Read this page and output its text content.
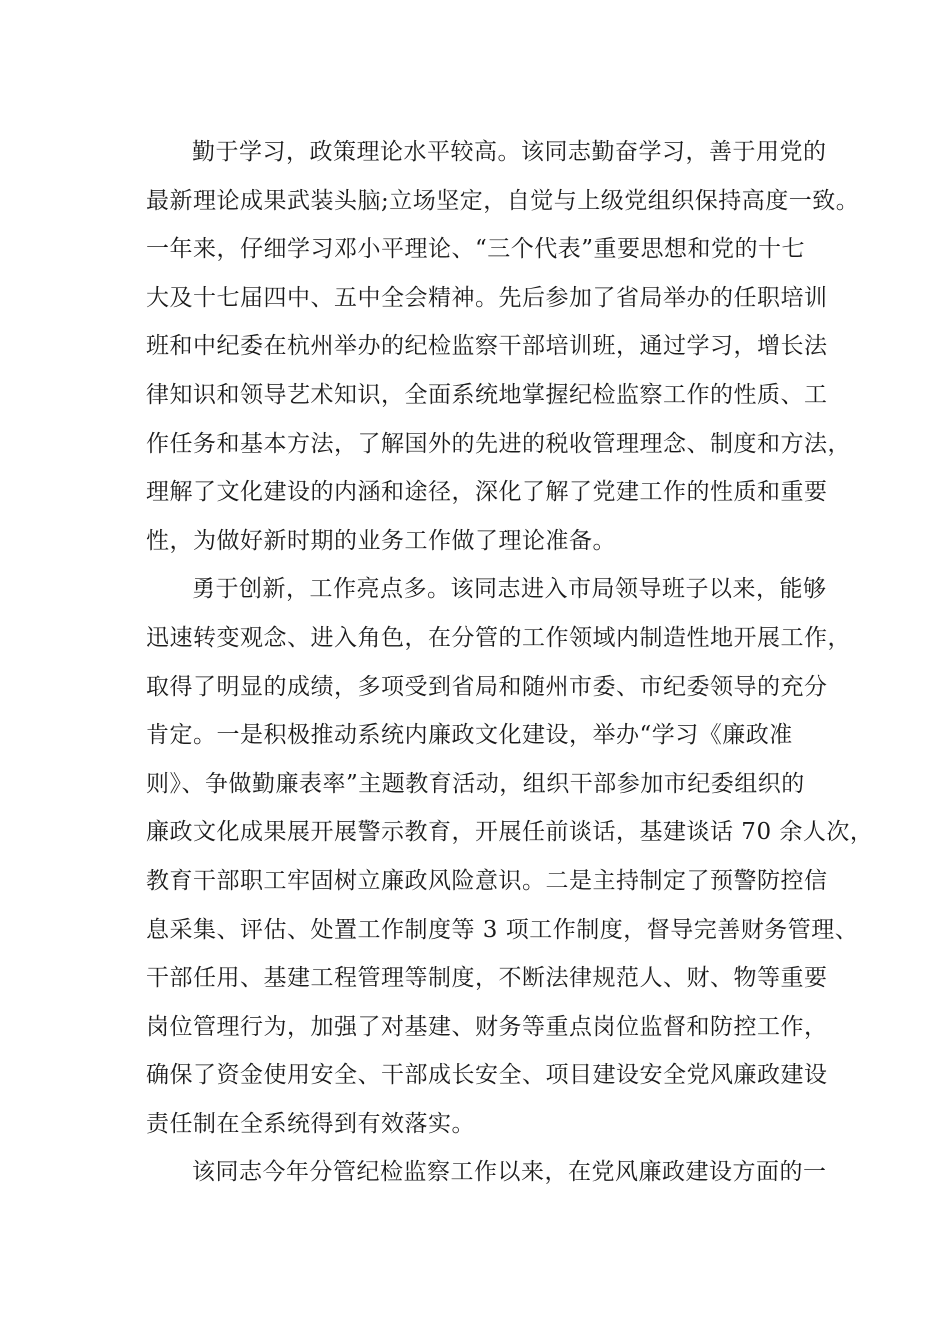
勤于学习，政策理论水平较高。该同志勤奋学习，善于用党的
最新理论成果武装头脑;立场坚定，自觉与上级党组织保持高度一致。
一年来，仔细学习邓小平理论、“三个代表”重要思想和党的十七
大及十七届四中、五中全会精神。先后参加了省局举办的任职培训
班和中纪委在杭州举办的纪检监察干部培训班，通过学习，增长法
律知识和领导艺术知识，全面系统地掌握纪检监察工作的性质、工
作任务和基本方法，了解国外的先进的税收管理理念、制度和方法，
理解了文化建设的内涵和途径，深化了解了党建工作的性质和重要
性，为做好新时期的业务工作做了理论准备。
勇于创新，工作亮点多。该同志进入市局领导班子以来，能够
迅速转变观念、进入角色，在分管的工作领域内制造性地开展工作，
取得了明显的成绩，多项受到省局和随州市委、市纪委领导的充分
肯定。一是积极推动系统内廉政文化建设，举办“学习《廉政准
则》、争做勤廉表率”主题教育活动，组织干部参加市纪委组织的
廉政文化成果展开展警示教育，开展任前谈话，基建谈话 70 余人次，
教育干部职工牢固树立廉政风险意识。二是主持制定了预警防控信
息采集、评估、处置工作制度等 3 项工作制度，督导完善财务管理、
干部任用、基建工程管理等制度，不断法律规范人、财、物等重要
岗位管理行为，加强了对基建、财务等重点岗位监督和防控工作，
确保了资金使用安全、干部成长安全、项目建设安全党风廉政建设
责任制在全系统得到有效落实。
该同志今年分管纪检监察工作以来，在党风廉政建设方面的一
